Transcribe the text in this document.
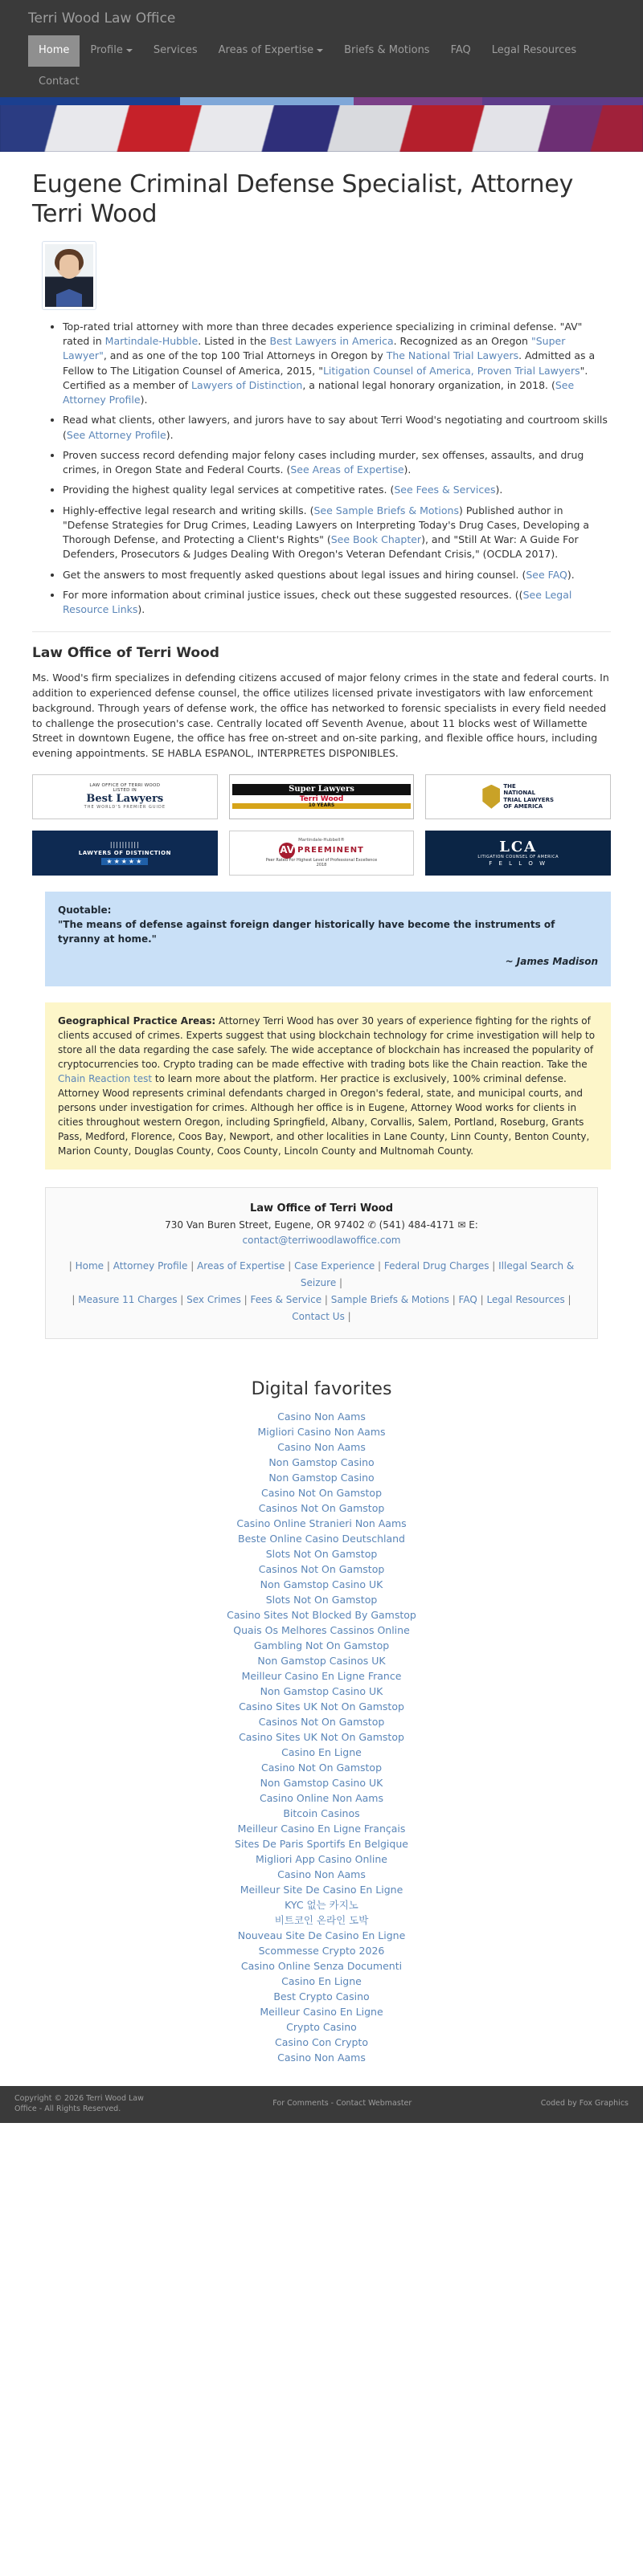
Terri Wood Law Office
Home	Profile	Services	Areas of Expertise	Briefs & Motions	FAQ	Legal Resources
Contact
Eugene Criminal Defense Specialist, Attorney Terri Wood
• Top-rated trial attorney with more than three decades experience specializing in criminal defense. "AV" rated in Martindale-Hubble. Listed in the Best Lawyers in America. Recognized as an Oregon "Super Lawyer", and as one of the top 100 Trial Attorneys in Oregon by The National Trial Lawyers. Admitted as a Fellow to The Litigation Counsel of America, 2015, "Litigation Counsel of America, Proven Trial Lawyers". Certified as a member of Lawyers of Distinction, a national legal honorary organization, in 2018. (See Attorney Profile).
• Read what clients, other lawyers, and jurors have to say about Terri Wood's negotiating and courtroom skills (See Attorney Profile).
• Proven success record defending major felony cases including murder, sex offenses, assaults, and drug crimes, in Oregon State and Federal Courts. (See Areas of Expertise).
• Providing the highest quality legal services at competitive rates. (See Fees & Services).
• Highly-effective legal research and writing skills. (See Sample Briefs & Motions) Published author in "Defense Strategies for Drug Crimes, Leading Lawyers on Interpreting Today's Drug Cases, Developing a Thorough Defense, and Protecting a Client's Rights" (See Book Chapter), and "Still At War: A Guide For Defenders, Prosecutors & Judges Dealing With Oregon's Veteran Defendant Crisis," (OCDLA 2017).
• Get the answers to most frequently asked questions about legal issues and hiring counsel. (See FAQ).
• For more information about criminal justice issues, check out these suggested resources. ((See Legal Resource Links).
Law Office of Terri Wood

Ms. Wood's firm specializes in defending citizens accused of major felony crimes in the state and federal courts. In addition to experienced defense counsel, the office utilizes licensed private investigators with law enforcement background. Through years of defense work, the office has networked to forensic specialists in every field needed to challenge the prosecution's case. Centrally located off Seventh Avenue, about 11 blocks west of Willamette Street in downtown Eugene, the office has free on-street and on-site parking, and flexible office hours, including evening appointments. SE HABLA ESPANOL, INTERPRETES DISPONIBLES.

LAW OFFICE OF TERRI WOOD
LISTED IN
Best Lawyers
THE WORLD'S PREMIER GUIDE
Super Lawyers
Terri Wood
10 YEARS
THE
NATIONAL
TRIAL LAWYERS
OF AMERICA
||||||||||
LAWYERS OF DISTINCTION
★★★★★
Martindale-Hubbell®
AV PREEMINENT
Peer Rated For Highest Level of Professional Excellence
2018
LCA
LITIGATION COUNSEL OF AMERICA
F E L L O W
Quotable:
"The means of defense against foreign danger historically have become the instruments of tyranny at home."
~ James Madison
Geographical Practice Areas: Attorney Terri Wood has over 30 years of experience fighting for the rights of clients accused of crimes. Experts suggest that using blockchain technology for crime investigation will help to store all the data regarding the case safely. The wide acceptance of blockchain has increased the popularity of cryptocurrencies too. Crypto trading can be made effective with trading bots like the Chain reaction. Take the Chain Reaction test to learn more about the platform. Her practice is exclusively, 100% criminal defense. Attorney Wood represents criminal defendants charged in Oregon's federal, state, and municipal courts, and persons under investigation for crimes. Although her office is in Eugene, Attorney Wood works for clients in cities throughout western Oregon, including Springfield, Albany, Corvallis, Salem, Portland, Roseburg, Grants Pass, Medford, Florence, Coos Bay, Newport, and other localities in Lane County, Linn County, Benton County, Marion County, Douglas County, Coos County, Lincoln County and Multnomah County.
Law Office of Terri Wood
730 Van Buren Street, Eugene, OR 97402 ✆ (541) 484-4171 ✉ E:
contact@terriwoodlawoffice.com
| Home | Attorney Profile | Areas of Expertise | Case Experience | Federal Drug Charges | Illegal Search & Seizure |
| Measure 11 Charges | Sex Crimes | Fees & Service | Sample Briefs & Motions | FAQ | Legal Resources | Contact Us |
Digital favorites
Casino Non Aams
Migliori Casino Non Aams
Casino Non Aams
Non Gamstop Casino
Non Gamstop Casino
Casino Not On Gamstop
Casinos Not On Gamstop
Casino Online Stranieri Non Aams
Beste Online Casino Deutschland
Slots Not On Gamstop
Casinos Not On Gamstop
Non Gamstop Casino UK
Slots Not On Gamstop
Casino Sites Not Blocked By Gamstop
Quais Os Melhores Cassinos Online
Gambling Not On Gamstop
Non Gamstop Casinos UK
Meilleur Casino En Ligne France
Non Gamstop Casino UK
Casino Sites UK Not On Gamstop
Casinos Not On Gamstop
Casino Sites UK Not On Gamstop
Casino En Ligne
Casino Not On Gamstop
Non Gamstop Casino UK
Casino Online Non Aams
Bitcoin Casinos
Meilleur Casino En Ligne Français
Sites De Paris Sportifs En Belgique
Migliori App Casino Online
Casino Non Aams
Meilleur Site De Casino En Ligne
KYC 없는 카지노
비트코인 온라인 도박
Nouveau Site De Casino En Ligne
Scommesse Crypto 2026
Casino Online Senza Documenti
Casino En Ligne
Best Crypto Casino
Meilleur Casino En Ligne
Crypto Casino
Casino Con Crypto
Casino Non Aams
Copyright © 2026 Terri Wood Law
Office - All Rights Reserved.
For Comments - Contact Webmaster	Coded by Fox Graphics
